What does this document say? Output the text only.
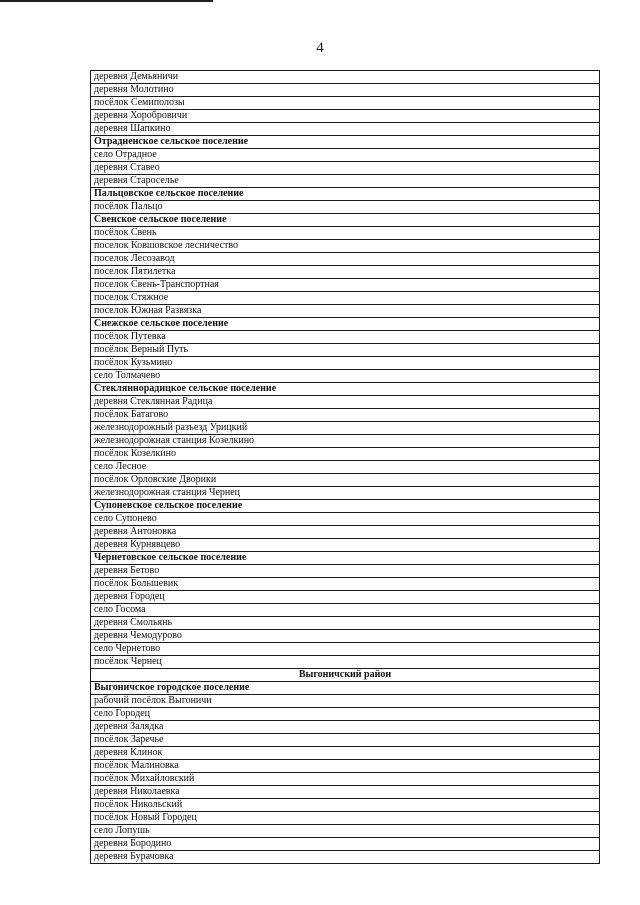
4
деревня Демьяничи
деревня Молотино
посёлок Семиполозы
деревня Хоробровичи
деревня Шапкино
Отрадненское сельское поселение
село Отрадное
деревня Ставео
деревня Староселье
Пальцовское сельское поселение
посёлок Пальцо
Свенское сельское поселение
посёлок Свень
поселок Ковшовское лесничество
поселок Лесозавод
поселок Пятилетка
поселок Свень-Транспортная
поселок Стяжное
поселок Южная Развязка
Снежское сельское поселение
посёлок Путевка
посёлок Верный Путь
посёлок Кузьмино
село Толмачево
Стекляннорадицкое сельское поселение
деревня Стеклянная Радица
посёлок Батагово
железнодорожный разъезд Урицкий
железнодорожная станция Козелкино
посёлок Козелкино
село Лесное
посёлок Орловские Дворики
железнодорожная станция Чернец
Супоневское сельское поселение
село Супонево
деревня Антоновка
деревня Курнявцево
Чернетовское сельское поселение
деревня Бетово
посёлок Большевик
деревня Городец
село Госома
деревня Смольянь
деревня Чемодурово
село Чернетово
посёлок Чернец
Выгоничский район
Выгоничское городское поселение
рабочий посёлок Выгоничи
село Городец
деревня Залядка
посёлок Заречье
деревня Клинок
посёлок Малиновка
посёлок Михайловский
деревня Николаевка
посёлок Никольский
посёлок Новый Городец
село Лопушь
деревня Бородино
деревня Бурачовка
